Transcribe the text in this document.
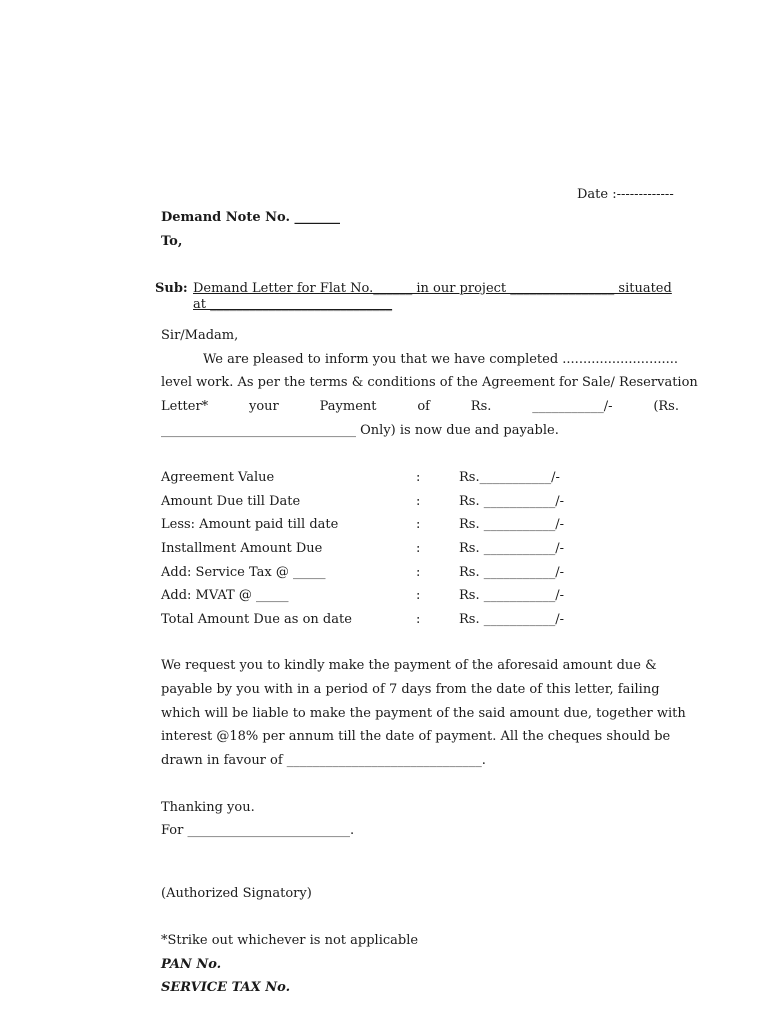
Date :-------------
Demand Note No. _______
To,
Sub: Demand Letter for Flat No.______ in our project ________________ situated
at ____________________________
Sir/Madam,
We are pleased to inform you that we have completed ............................
level work. As per the terms & conditions of the Agreement for Sale/ Reservation
Letter*	your	Payment	of	Rs.	___________/-	(Rs.
______________________________ Only) is now due and payable.
Agreement Value	:	Rs.___________/-
Amount Due till Date	:	Rs. ___________/-
Less: Amount paid till date	:	Rs. ___________/-
Installment Amount Due	:	Rs. ___________/-
Add: Service Tax @ _____	:	Rs. ___________/-
Add: MVAT @ _____	:	Rs. ___________/-
Total Amount Due as on date	:	Rs. ___________/-
We request you to kindly make the payment of the aforesaid amount due &
payable by you with in a period of 7 days from the date of this letter, failing
which will be liable to make the payment of the said amount due, together with
interest @18% per annum till the date of payment. All the cheques should be
drawn in favour of ______________________________.
Thanking you.
For _________________________.
(Authorized Signatory)
*Strike out whichever is not applicable
PAN No.
SERVICE TAX No.
